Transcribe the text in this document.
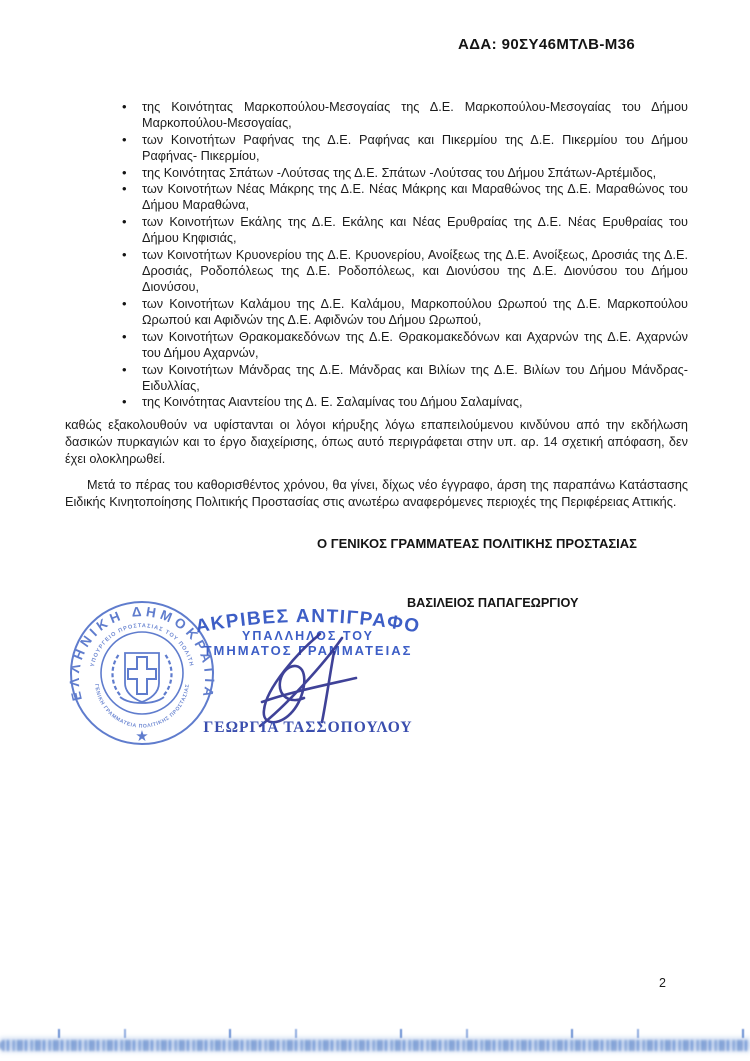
ΑΔΑ: 90ΣΥ46ΜΤΛΒ-Μ36
• της Κοινότητας Μαρκοπούλου-Μεσογαίας της Δ.Ε. Μαρκοπούλου-Μεσογαίας του Δήμου Μαρκοπούλου-Μεσογαίας,
• των Κοινοτήτων Ραφήνας της Δ.Ε. Ραφήνας και Πικερμίου της Δ.Ε. Πικερμίου του Δήμου Ραφήνας- Πικερμίου,
• της Κοινότητας Σπάτων -Λούτσας της Δ.Ε. Σπάτων -Λούτσας του Δήμου Σπάτων-Αρτέμιδος,
• των Κοινοτήτων Νέας Μάκρης της Δ.Ε. Νέας Μάκρης και Μαραθώνος της Δ.Ε. Μαραθώνος του Δήμου Μαραθώνα,
• των Κοινοτήτων Εκάλης της Δ.Ε. Εκάλης και Νέας Ερυθραίας της Δ.Ε. Νέας Ερυθραίας του Δήμου Κηφισιάς,
• των Κοινοτήτων Κρυονερίου της Δ.Ε. Κρυονερίου, Ανοίξεως της Δ.Ε. Ανοίξεως, Δροσιάς της Δ.Ε. Δροσιάς, Ροδοπόλεως της Δ.Ε. Ροδοπόλεως, και Διονύσου της Δ.Ε. Διονύσου του Δήμου Διονύσου,
• των Κοινοτήτων Καλάμου της Δ.Ε. Καλάμου, Μαρκοπούλου Ωρωπού της Δ.Ε. Μαρκοπούλου Ωρωπού και Αφιδνών της Δ.Ε. Αφιδνών του Δήμου Ωρωπού,
• των Κοινοτήτων Θρακομακεδόνων της Δ.Ε. Θρακομακεδόνων και Αχαρνών της Δ.Ε. Αχαρνών του Δήμου Αχαρνών,
• των Κοινοτήτων Μάνδρας της Δ.Ε. Μάνδρας και Βιλίων της Δ.Ε. Βιλίων του Δήμου Μάνδρας-Ειδυλλίας,
• της Κοινότητας Αιαντείου της Δ. Ε. Σαλαμίνας του Δήμου Σαλαμίνας,

καθώς εξακολουθούν να υφίστανται οι λόγοι κήρυξης λόγω επαπειλούμενου κινδύνου από την εκδήλωση δασικών πυρκαγιών και το έργο διαχείρισης, όπως αυτό περιγράφεται στην υπ. αρ. 14 σχετική απόφαση, δεν έχει ολοκληρωθεί.

Μετά το πέρας του καθορισθέντος χρόνου, θα γίνει, δίχως νέο έγγραφο, άρση της παραπάνω Κατάστασης Ειδικής Κινητοποίησης Πολιτικής Προστασίας στις ανωτέρω αναφερόμενες περιοχές της Περιφέρειας Αττικής.

Ο ΓΕΝΙΚΟΣ ΓΡΑΜΜΑΤΕΑΣ ΠΟΛΙΤΙΚΗΣ ΠΡΟΣΤΑΣΙΑΣ
ΒΑΣΙΛΕΙΟΣ ΠΑΠΑΓΕΩΡΓΙΟΥ
ΕΛΛΗΝΙΚΗ ΔΗΜΟΚΡΑΤΙΑ
ΥΠΟΥΡΓΕΙΟ ΠΡΟΣΤΑΣΙΑΣ ΤΟΥ ΠΟΛΙΤΗ
ΓΕΝΙΚΗ ΓΡΑΜΜΑΤΕΙΑ ΠΟΛΙΤΙΚΗΣ ΠΡΟΣΤΑΣΙΑΣ
★
ΑΚΡΙΒΕΣ ΑΝΤΙΓΡΑΦΟ
ΥΠΑΛΛΗΛΟΣ ΤΟΥ
ΤΜΗΜΑΤΟΣ ΓΡΑΜΜΑΤΕΙΑΣ
ΓΕΩΡΓΙΑ ΤΑΣΣΟΠΟΥΛΟΥ
2
